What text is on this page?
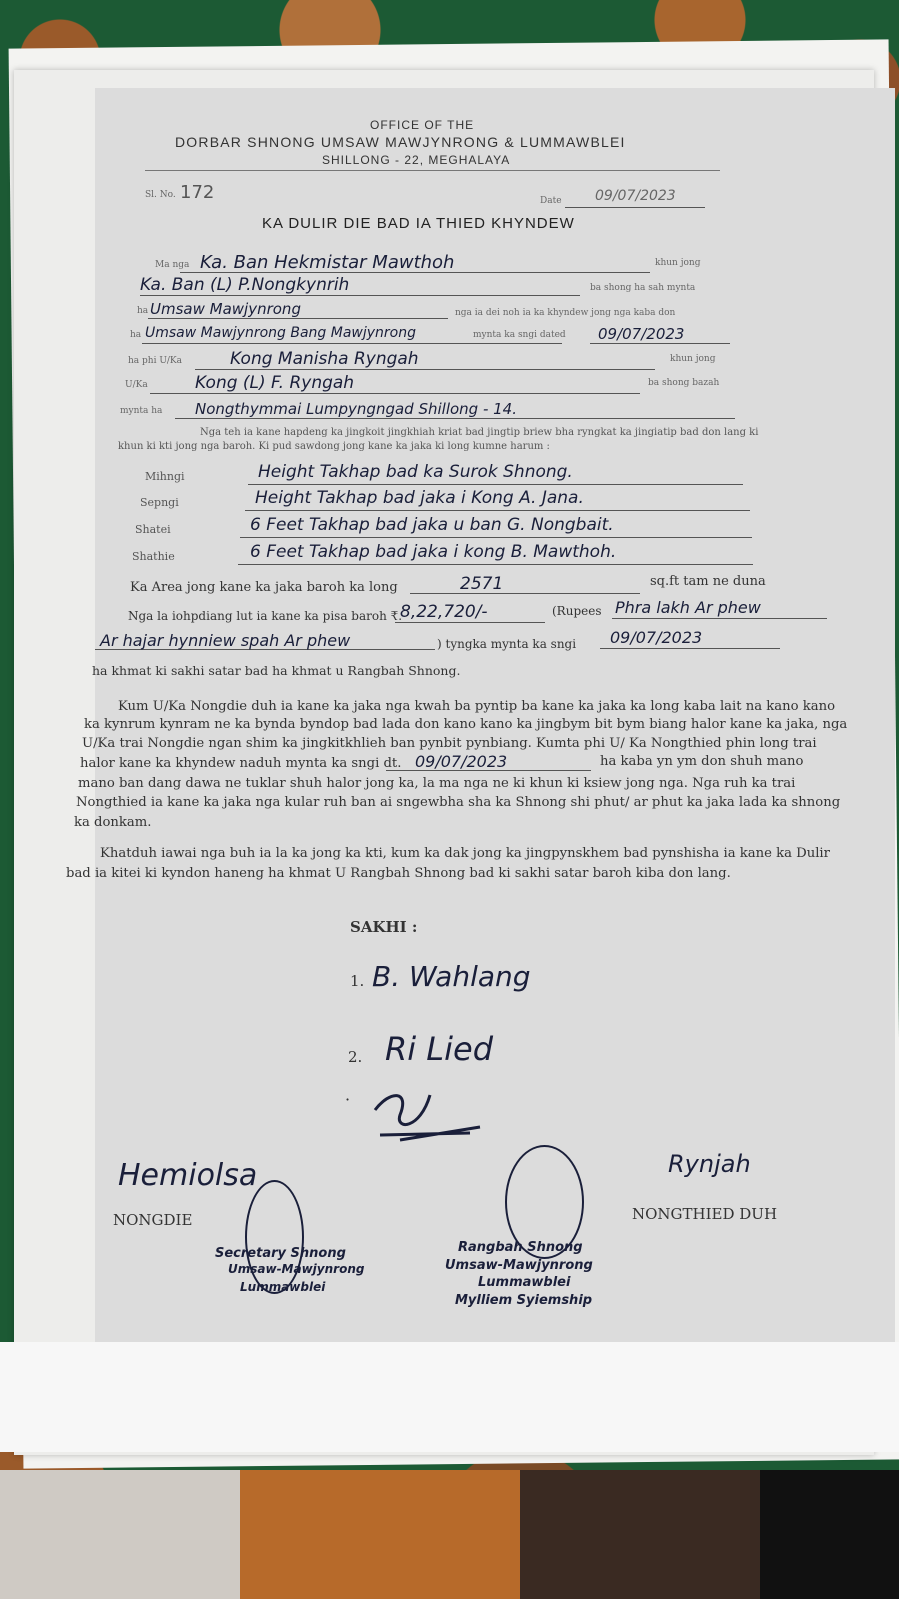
OFFICE OF THE
DORBAR SHNONG UMSAW MAWJYNRONG & LUMMAWBLEI
SHILLONG - 22, MEGHALAYA
Sl. No. 172	Date 09/07/2023
KA DULIR DIE BAD IA THIED KHYNDEW
Ma nga Ka. Ban Hekmistar Mawthoh	khun jong
Ka. Ban (L) P.Nongkynrih	ba shong ha sah mynta
ha Umsaw Mawjynrong	nga ia dei noh ia ka khyndew jong nga kaba don
ha Umsaw Mawjynrong Bang Mawjynrong	mynta ka sngi dated 09/07/2023
ha phi U/Ka	Kong Manisha Ryngah	khun jong
U/Ka	Kong (L) F. Ryngah	ba shong bazah
mynta ha Nongthymmai Lumpyngngad Shillong - 14.
Nga teh ia kane hapdeng ka jingkoit jingkhiah kriat bad jingtip briew bha ryngkat ka jingiatip bad don lang ki
khun ki kti jong nga baroh. Ki pud sawdong jong kane ka jaka ki long kumne harum :
Mihngi	Height Takhap bad ka Surok Shnong.
Sepngi	Height Takhap bad jaka i Kong A. Jana.
Shatei	6 Feet Takhap bad jaka u ban G. Nongbait.
Shathie	6 Feet Takhap bad jaka i kong B. Mawthoh.
Ka Area jong kane ka jaka baroh ka long	2571	sq.ft tam ne duna
Nga la iohpdiang lut ia kane ka pisa baroh ₹.
8,22,720/-	(Rupees Phra lakh Ar phew
Ar hajar hynniew spah Ar phew	) tyngka mynta ka sngi 09/07/2023
ha khmat ki sakhi satar bad ha khmat u Rangbah Shnong.
Kum U/Ka Nongdie duh ia kane ka jaka nga kwah ba pyntip ba kane ka jaka ka long kaba lait na kano kano
ka kynrum kynram ne ka bynda byndop bad lada don kano kano ka jingbym bit bym biang halor kane ka jaka, nga
U/Ka trai Nongdie ngan shim ka jingkitkhlieh ban pynbit pynbiang. Kumta phi U/ Ka Nongthied phin long trai
halor kane ka khyndew naduh mynta ka sngi dt. 09/07/2023	ha kaba yn ym don shuh mano
mano ban dang dawa ne tuklar shuh halor jong ka, la ma nga ne ki khun ki ksiew jong nga. Nga ruh ka trai
Nongthied ia kane ka jaka nga kular ruh ban ai sngewbha sha ka Shnong shi phut/ ar phut ka jaka lada ka shnong
ka donkam.
Khatduh iawai nga buh ia la ka jong ka kti, kum ka dak jong ka jingpynskhem bad pynshisha ia kane ka Dulir
bad ia kitei ki kyndon haneng ha khmat U Rangbah Shnong bad ki sakhi satar baroh kiba don lang.
SAKHI :
1. B. Wahlang
2. Ri Lied
·
Hemiolsa
NONGDIE
Rynjah
NONGTHIED DUH
Secretary Shnong
Umsaw-Mawjynrong
Lummawblei
Rangbah Shnong
Umsaw-Mawjynrong
Lummawblei
Mylliem Syiemship
